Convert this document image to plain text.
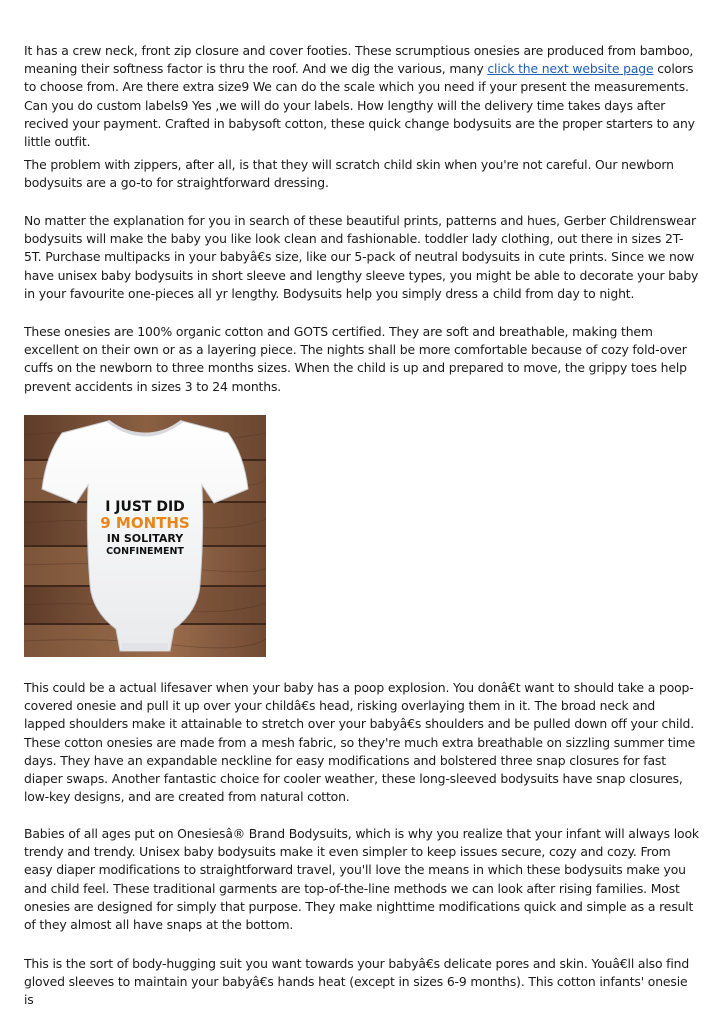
It has a crew neck, front zip closure and cover footies. These scrumptious onesies are produced from bamboo, meaning their softness factor is thru the roof. And we dig the various, many click the next website page colors to choose from. Are there extra size9 We can do the scale which you need if your present the measurements. Can you do custom labels9 Yes ,we will do your labels. How lengthy will the delivery time takes days after recived your payment. Crafted in babysoft cotton, these quick change bodysuits are the proper starters to any little outfit.

The problem with zippers, after all, is that they will scratch child skin when you're not careful. Our newborn bodysuits are a go-to for straightforward dressing.

No matter the explanation for you in search of these beautiful prints, patterns and hues, Gerber Childrenswear bodysuits will make the baby you like look clean and fashionable. toddler lady clothing, out there in sizes 2T-5T. Purchase multipacks in your babyâ€s size, like our 5-pack of neutral bodysuits in cute prints. Since we now have unisex baby bodysuits in short sleeve and lengthy sleeve types, you might be able to decorate your baby in your favourite one-pieces all yr lengthy. Bodysuits help you simply dress a child from day to night.

These onesies are 100% organic cotton and GOTS certified. They are soft and breathable, making them excellent on their own or as a layering piece. The nights shall be more comfortable because of cozy fold-over cuffs on the newborn to three months sizes. When the child is up and prepared to move, the grippy toes help prevent accidents in sizes 3 to 24 months.

I JUST DID
9 MONTHS
IN SOLITARY
CONFINEMENT

This could be a actual lifesaver when your baby has a poop explosion. You donâ€t want to should take a poop-covered onesie and pull it up over your childâ€s head, risking overlaying them in it. The broad neck and lapped shoulders make it attainable to stretch over your babyâ€s shoulders and be pulled down off your child. These cotton onesies are made from a mesh fabric, so they're much extra breathable on sizzling summer time days. They have an expandable neckline for easy modifications and bolstered three snap closures for fast diaper swaps. Another fantastic choice for cooler weather, these long-sleeved bodysuits have snap closures, low-key designs, and are created from natural cotton.

Babies of all ages put on Onesiesâ® Brand Bodysuits, which is why you realize that your infant will always look trendy and trendy. Unisex baby bodysuits make it even simpler to keep issues secure, cozy and cozy. From easy diaper modifications to straightforward travel, you'll love the means in which these bodysuits make you and child feel. These traditional garments are top-of-the-line methods we can look after rising families. Most onesies are designed for simply that purpose. They make nighttime modifications quick and simple as a result of they almost all have snaps at the bottom.

This is the sort of body-hugging suit you want towards your babyâ€s delicate pores and skin. Youâ€ll also find gloved sleeves to maintain your babyâ€s hands heat (except in sizes 6-9 months). This cotton infants' onesie is
